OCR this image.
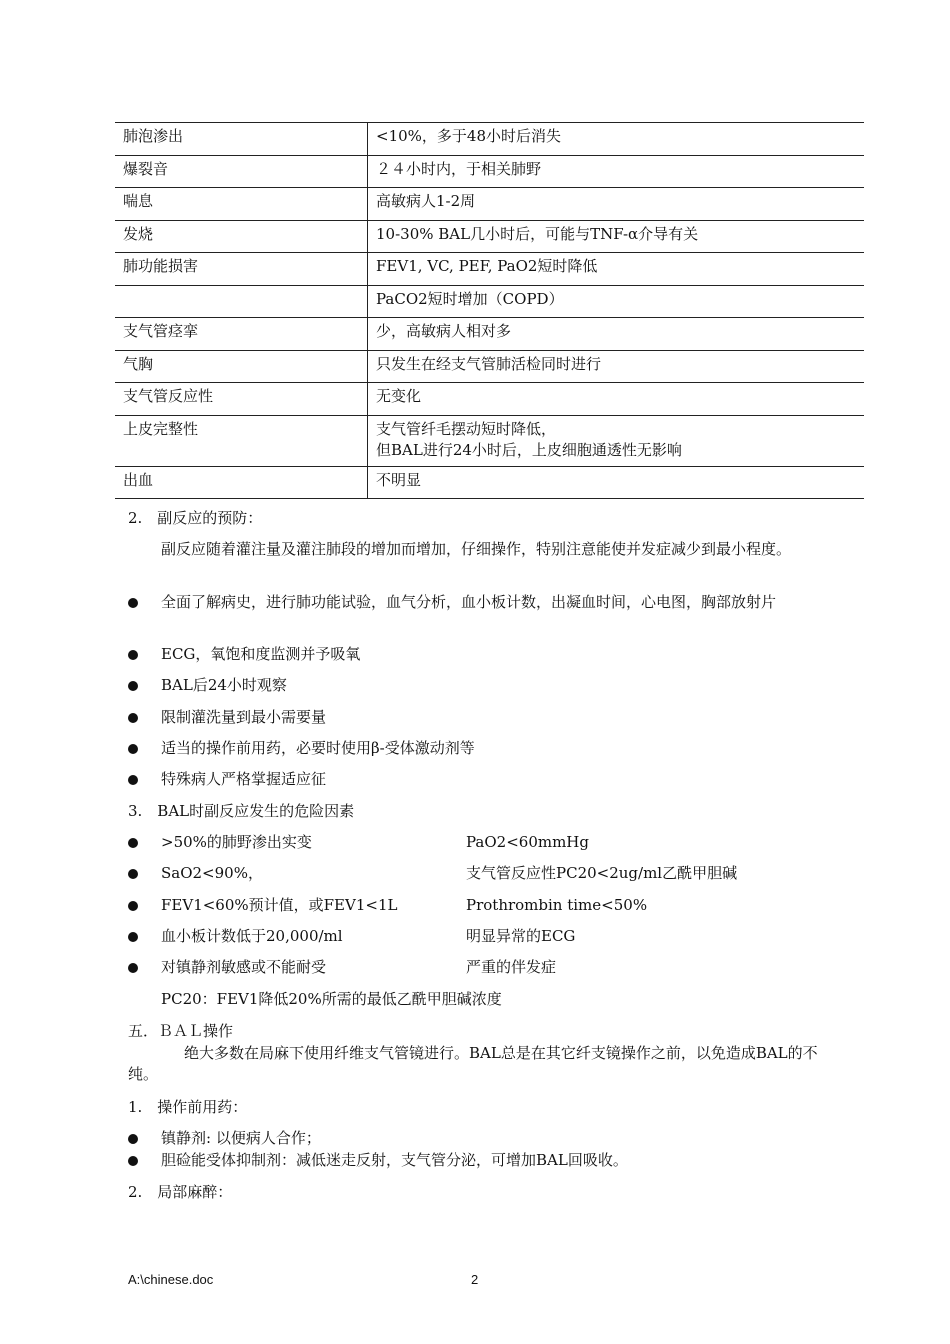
肺泡渗出	<10%，多于48小时后消失

爆裂音	２４小时内，于相关肺野

喘息	高敏病人1-2周

发烧	10-30% BAL几小时后，可能与TNF-α介导有关

肺功能损害	FEV1, VC, PEF, PaO2短时降低

	PaCO2短时增加（COPD）

支气管痉挛	少，高敏病人相对多

气胸	只发生在经支气管肺活检同时进行

支气管反应性	无变化

上皮完整性	支气管纤毛摆动短时降低，
但BAL进行24小时后，上皮细胞通透性无影响

出血	不明显
2.　副反应的预防：
副反应随着灌注量及灌注肺段的增加而增加，仔细操作，特别注意能使并发症减少到最小程度。
全面了解病史，进行肺功能试验，血气分析，血小板计数，出凝血时间，心电图，胸部放射片
ECG，氧饱和度监测并予吸氧
BAL后24小时观察
限制灌洗量到最小需要量
适当的操作前用药，必要时使用β-受体激动剂等
特殊病人严格掌握适应征
3.　BAL时副反应发生的危险因素
>50%的肺野渗出实变	PaO2<60mmHg
SaO2<90%，	支气管反应性PC20<2ug/ml乙酰甲胆碱
FEV1<60%预计值，或FEV1<1L	Prothrombin time<50%
血小板计数低于20,000/ml	明显异常的ECG
对镇静剂敏感或不能耐受	严重的伴发症
PC20：FEV1降低20%所需的最低乙酰甲胆碱浓度
五．ＢＡＬ操作
绝大多数在局麻下使用纤维支气管镜进行。BAL总是在其它纤支镜操作之前，以免造成BAL的不纯。
1.　操作前用药：
镇静剂: 以便病人合作；
胆硷能受体抑制剂：减低迷走反射，支气管分泌，可增加BAL回吸收。
2.　局部麻醉：
A:\chinese.doc	2
